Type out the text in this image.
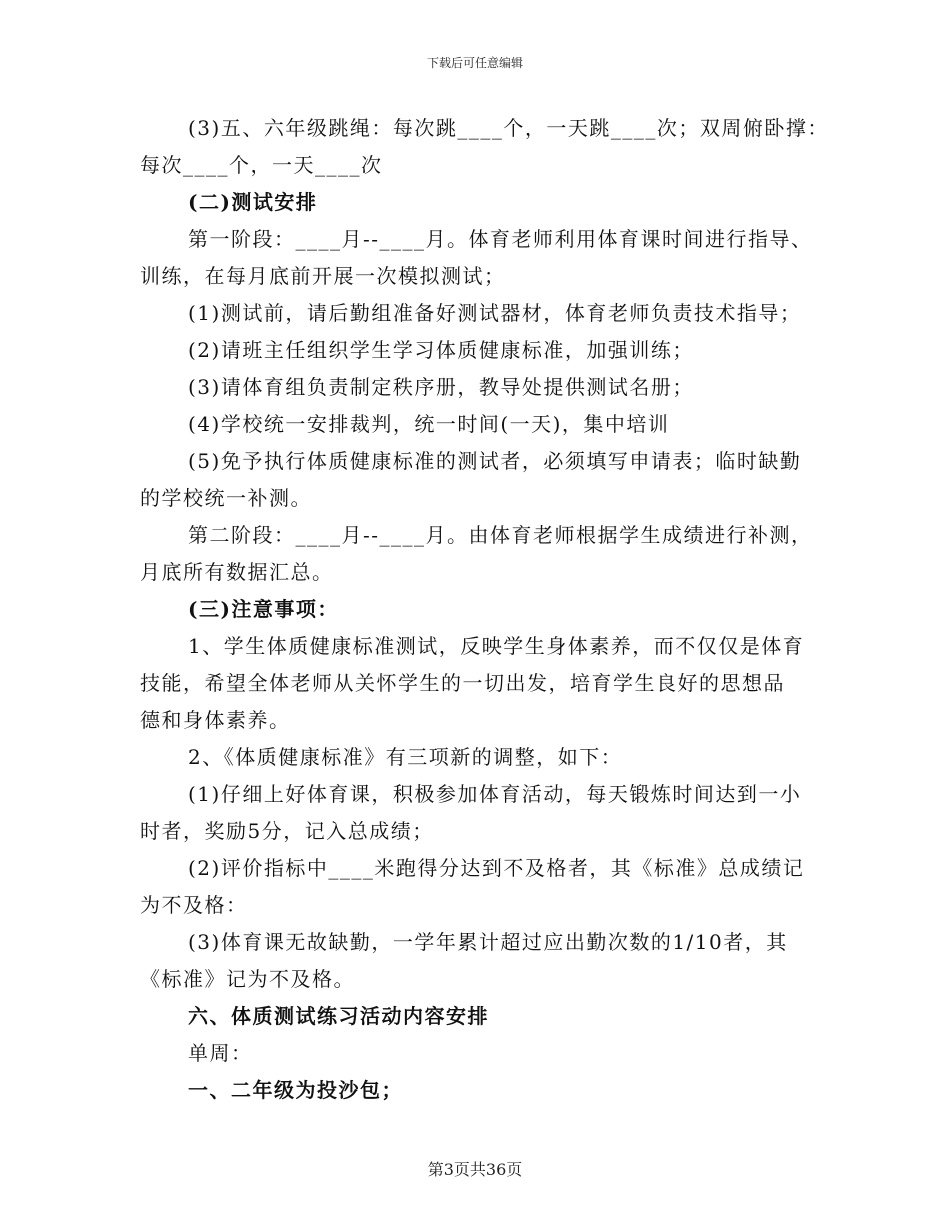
下载后可任意编辑
(3)五、六年级跳绳：每次跳____个，一天跳____次；双周俯卧撑：
每次____个，一天____次
(二)测试安排
第一阶段：____月--____月。体育老师利用体育课时间进行指导、
训练，在每月底前开展一次模拟测试；
(1)测试前，请后勤组准备好测试器材，体育老师负责技术指导；
(2)请班主任组织学生学习体质健康标准，加强训练；
(3)请体育组负责制定秩序册，教导处提供测试名册；
(4)学校统一安排裁判，统一时间(一天)，集中培训
(5)免予执行体质健康标准的测试者，必须填写申请表；临时缺勤
的学校统一补测。
第二阶段：____月--____月。由体育老师根据学生成绩进行补测，
月底所有数据汇总。
(三)注意事项：
1、学生体质健康标准测试，反映学生身体素养，而不仅仅是体育
技能，希望全体老师从关怀学生的一切出发，培育学生良好的思想品
德和身体素养。
2、《体质健康标准》有三项新的调整，如下：
(1)仔细上好体育课，积极参加体育活动，每天锻炼时间达到一小
时者，奖励5分，记入总成绩；
(2)评价指标中____米跑得分达到不及格者，其《标准》总成绩记
为不及格：
(3)体育课无故缺勤，一学年累计超过应出勤次数的1/10者，其
《标准》记为不及格。
六、体质测试练习活动内容安排
单周：
一、二年级为投沙包；
第3页共36页
